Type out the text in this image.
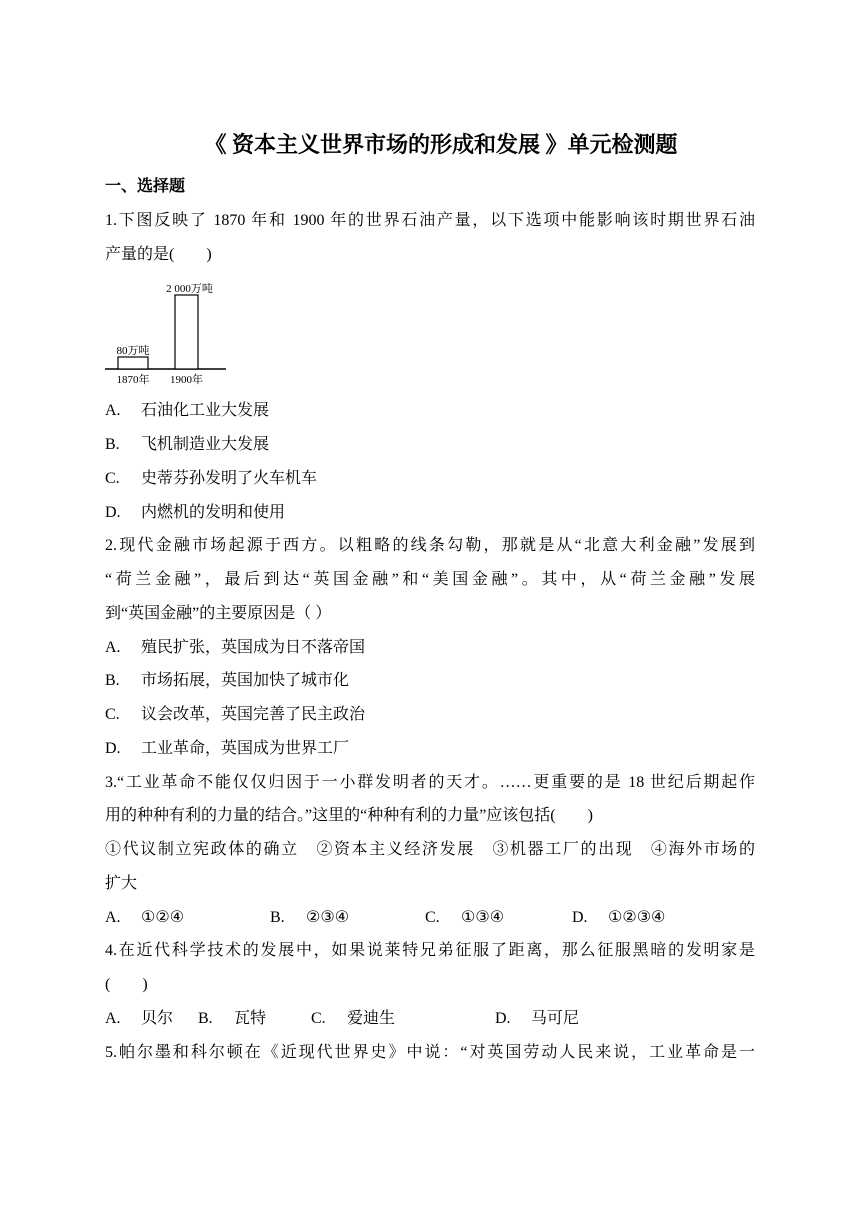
《 资本主义世界市场的形成和发展 》单元检测题
一、选择题
1.下图反映了 1870 年和 1900 年的世界石油产量，以下选项中能影响该时期世界石油
产量的是(　　)
80万吨
2 000万吨
1870年 1900年
A. 石油化工业大发展
B. 飞机制造业大发展
C. 史蒂芬孙发明了火车机车
D. 内燃机的发明和使用
2.现代金融市场起源于西方。以粗略的线条勾勒，那就是从“北意大利金融”发展到
“荷兰金融”，最后到达“英国金融”和“美国金融”。其中，从“荷兰金融”发展
到“英国金融”的主要原因是（ ）
A. 殖民扩张，英国成为日不落帝国
B. 市场拓展，英国加快了城市化
C. 议会改革，英国完善了民主政治
D. 工业革命，英国成为世界工厂
3.“工业革命不能仅仅归因于一小群发明者的天才。……更重要的是 18 世纪后期起作
用的种种有利的力量的结合。”这里的“种种有利的力量”应该包括(　　)
①代议制立宪政体的确立　②资本主义经济发展　③机器工厂的出现　④海外市场的
扩大
A. ①②④	B. ②③④	C. ①③④	D. ①②③④
4.在近代科学技术的发展中，如果说莱特兄弟征服了距离，那么征服黑暗的发明家是
(　　)
A. 贝尔 B. 瓦特	C. 爱迪生	D. 马可尼
5.帕尔墨和科尔顿在《近现代世界史》中说：“对英国劳动人民来说，工业革命是一
